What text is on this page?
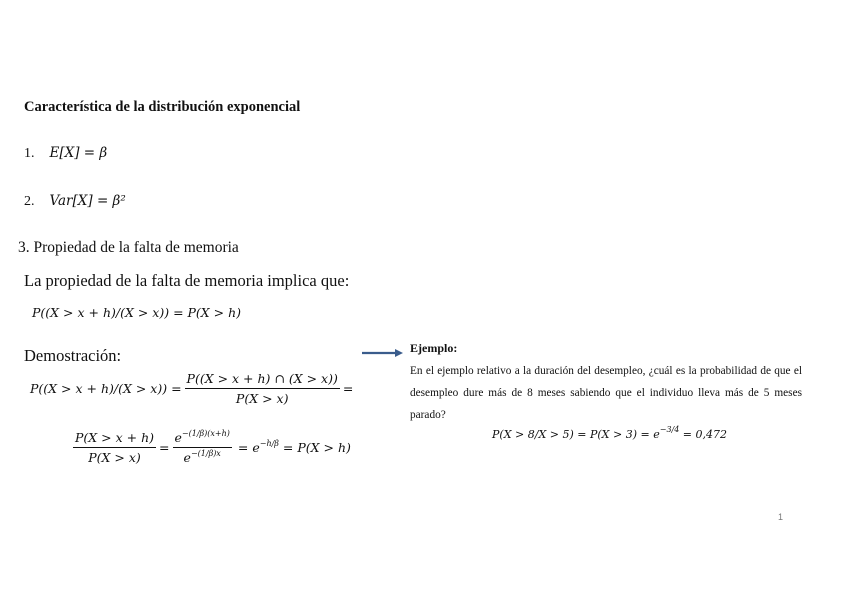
Característica de la distribución exponencial
1. E[X] = β
2. Var[X] = β²
3. Propiedad de la falta de memoria
La propiedad de la falta de memoria implica que:
P((X > x + h)/(X > x)) = P(X > h)
Demostración:
$P((X > x + h)/(X > x)) = \frac{P((X > x + h) \cap (X > x))}{P(X > x)}$ =
$\frac{P(X > x + h)}{P(X > x)} = \frac{e^{-(1/\beta)(x+h)}}{e^{-(1/\beta)x}} = e^{-h/\beta} = P(X > h)$
Ejemplo:
En el ejemplo relativo a la duración del desempleo, ¿cuál es la probabilidad de que el desempleo dure más de 8 meses sabiendo que el individuo lleva más de 5 meses parado?
$P(X > 8/X > 5) = P(X > 3) = e^{-3/4} = 0,472$
1
